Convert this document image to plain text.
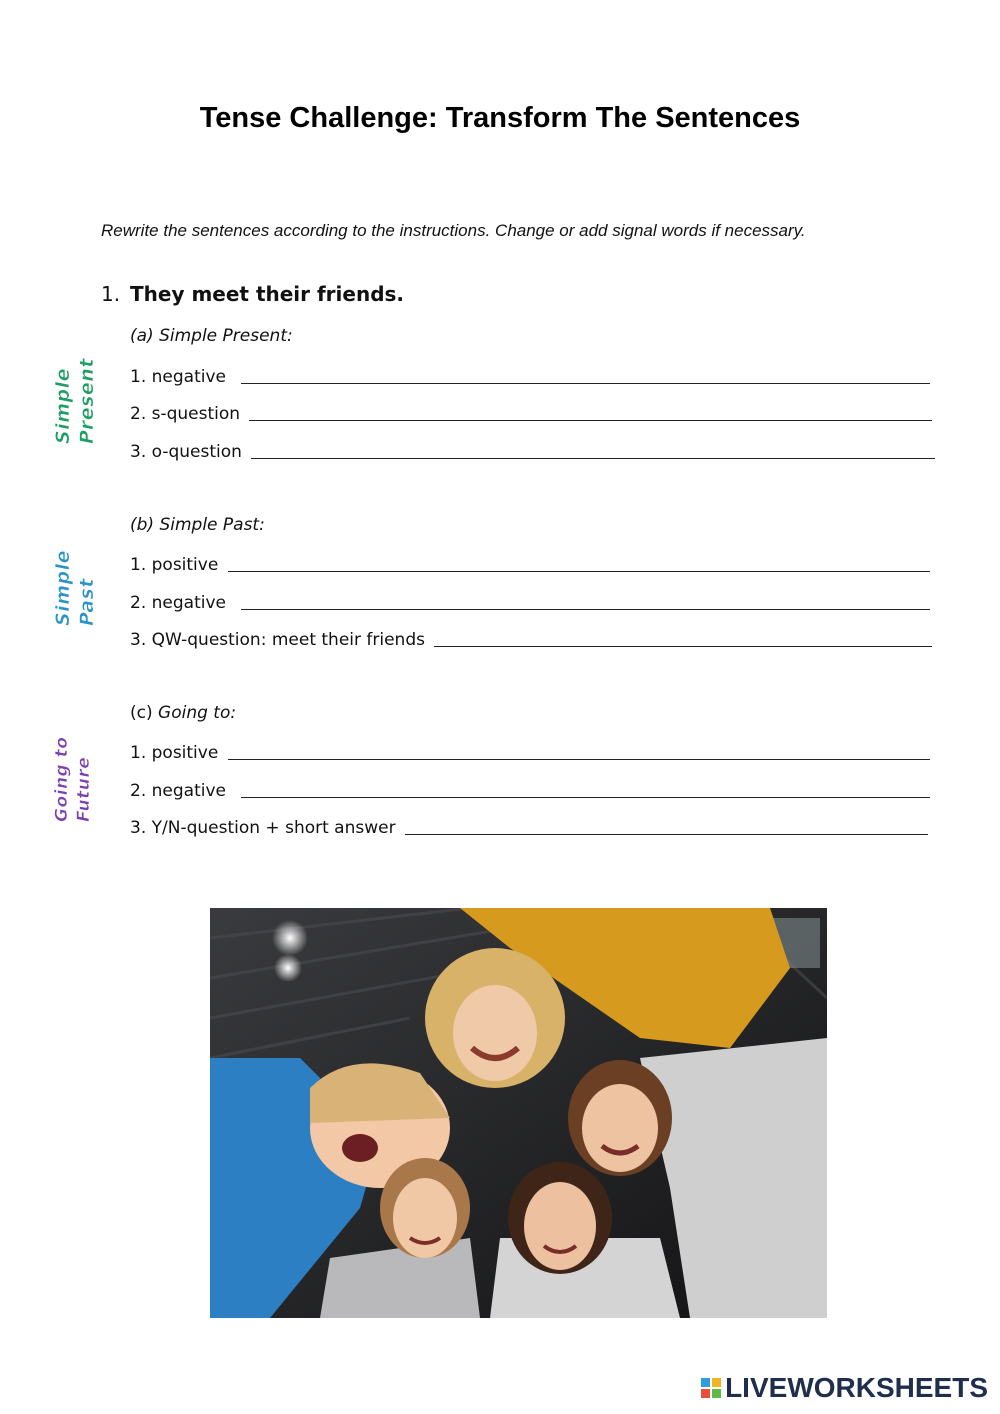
Tense Challenge: Transform The Sentences
Rewrite the sentences according to the instructions. Change or add signal words if necessary.
1. They meet their friends.
Simple Present
(a) Simple Present:
1. negative
2. s-question
3. o-question
Simple Past
(b) Simple Past:
1. positive
2. negative
3. QW-question: meet their friends
Going to Future
(c) Going to:
1. positive
2. negative
3. Y/N-question + short answer
LIVEWORKSHEETS
